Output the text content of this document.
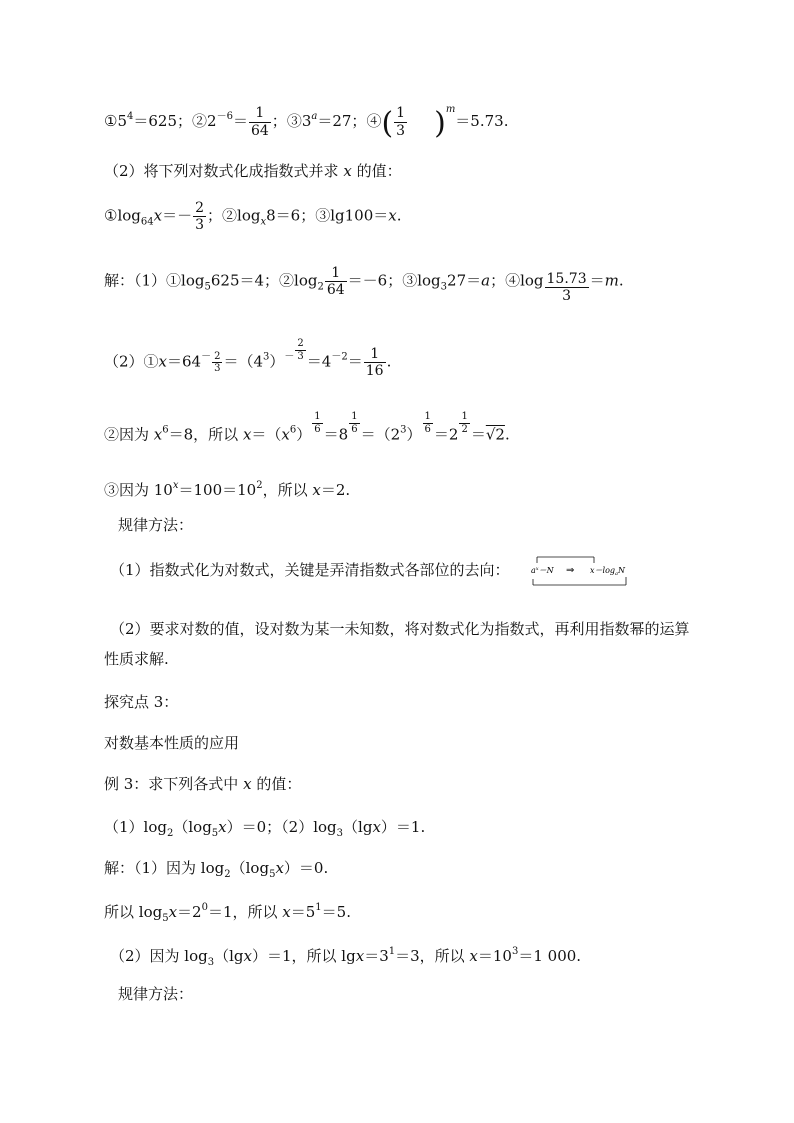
$①5^4=625$；$②2^{-6}= \frac{1}{64}$ ；$③3^a=27$；④( $\frac{1}{3} )^m=5.73$.
（2）将下列对数式化成指数式并求 x 的值：
$①\log_{64}x=- \frac{2}{3}$ ；$②\log_x8=6$；③lg100＝x.
解：$(1)①\log_5625=4$；$②\log_2 \frac{1}{64} =-6$；$③\log_327=a$；④log $\frac{15.73}{3} =m$.
（2）①x＝64－ $\frac{2}{3} =(4^3)^- \frac{2}{3} =4^{-2}= \frac{1}{16}$ .
②因为 $x^6=8$，所以 $x=(x^6) \frac{1}{6} =8 \frac{1}{6} =(2^3) \frac{1}{6} =2 \frac{1}{2} =√2$.
③因为 $10^x=100=10^2$，所以 x＝2.
规律方法：
（1）指数式化为对数式，关键是弄清指数式各部位的去向：	$a^x=N$ ⇒ $x=\log_aN$
（2）要求对数的值，设对数为某一未知数，将对数式化为指数式，再利用指数幂的运算
性质求解.
探究点 3：
对数基本性质的应用
例 3：求下列各式中 x 的值：
$(1)\log_2(\log_5x)=0$；$(2)\log_3(\lg x)=1$.
解：（1）因为 $\log_2(\log_5x)=0$.
所以 $\log_5x=2^0=1$，所以 $x=5^1=5$.
（2）因为 $\log_3(\lg x)=1$，所以 $\lg x=3^1=3$，所以 $x=10^3=1$ 000.
规律方法：
